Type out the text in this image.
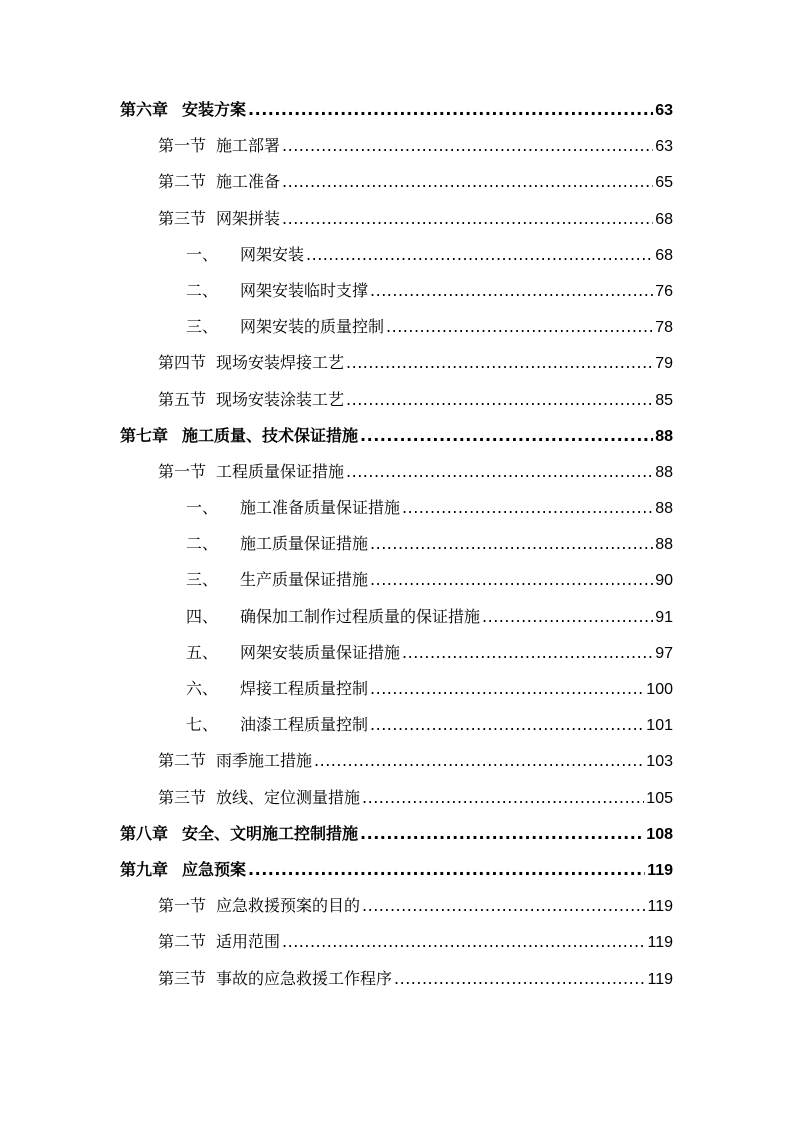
第六章 安装方案 .....	63
第一节 施工部署 .....	63
第二节 施工准备 .....	65
第三节 网架拼装 .....	68
一、 网架安装 .....	68
二、 网架安装临时支撑 .....	76
三、 网架安装的质量控制 .....	78
第四节 现场安装焊接工艺 .....	79
第五节 现场安装涂装工艺 .....	85
第七章 施工质量、技术保证措施 .....	88
第一节 工程质量保证措施 .....	88
一、 施工准备质量保证措施 .....	88
二、 施工质量保证措施 .....	88
三、 生产质量保证措施 .....	90
四、 确保加工制作过程质量的保证措施 .....	91
五、 网架安装质量保证措施 .....	97
六、 焊接工程质量控制 .....	100
七、 油漆工程质量控制 .....	101
第二节 雨季施工措施 .....	103
第三节 放线、定位测量措施 .....	105
第八章 安全、文明施工控制措施 .....	108
第九章 应急预案 .....	119
第一节 应急救援预案的目的 .....	119
第二节 适用范围 .....	119
第三节 事故的应急救援工作程序 .....	119
